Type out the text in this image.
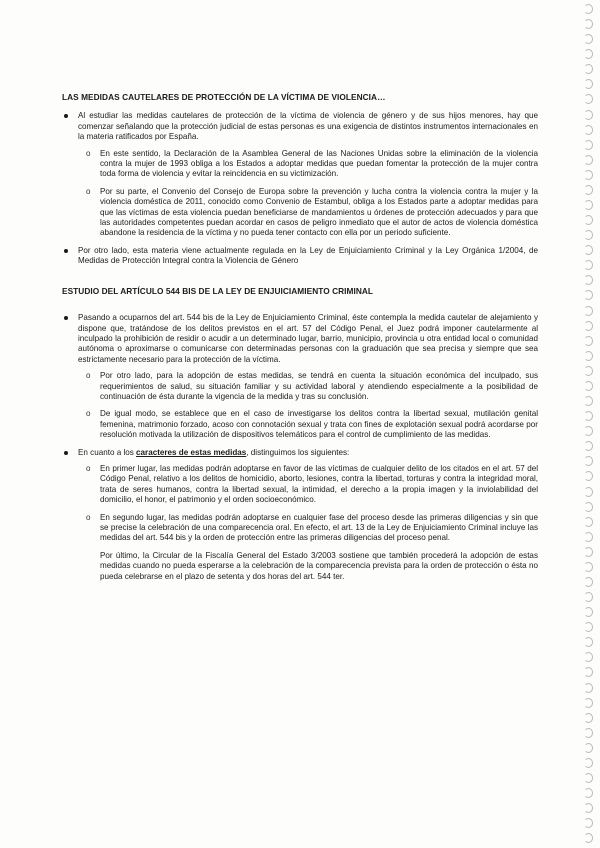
LAS MEDIDAS CAUTELARES DE PROTECCIÓN DE LA VÍCTIMA DE VIOLENCIA…
Al estudiar las medidas cautelares de protección de la víctima de violencia de género y de sus hijos menores, hay que comenzar señalando que la protección judicial de estas personas es una exigencia de distintos instrumentos internacionales en la materia ratificados por España.
o En este sentido, la Declaración de la Asamblea General de las Naciones Unidas sobre la eliminación de la violencia contra la mujer de 1993 obliga a los Estados a adoptar medidas que puedan fomentar la protección de la mujer contra toda forma de violencia y evitar la reincidencia en su victimización.
o Por su parte, el Convenio del Consejo de Europa sobre la prevención y lucha contra la violencia contra la mujer y la violencia doméstica de 2011, conocido como Convenio de Estambul, obliga a los Estados parte a adoptar medidas para que las víctimas de esta violencia puedan beneficiarse de mandamientos u órdenes de protección adecuados y para que las autoridades competentes puedan acordar en casos de peligro inmediato que el autor de actos de violencia doméstica abandone la residencia de la víctima y no pueda tener contacto con ella por un periodo suficiente.
Por otro lado, esta materia viene actualmente regulada en la Ley de Enjuiciamiento Criminal y la Ley Orgánica 1/2004, de Medidas de Protección Integral contra la Violencia de Género
ESTUDIO DEL ARTÍCULO 544 BIS DE LA LEY DE ENJUICIAMIENTO CRIMINAL
Pasando a ocuparnos del art. 544 bis de la Ley de Enjuiciamiento Criminal, éste contempla la medida cautelar de alejamiento y dispone que, tratándose de los delitos previstos en el art. 57 del Código Penal, el Juez podrá imponer cautelarmente al inculpado la prohibición de residir o acudir a un determinado lugar, barrio, municipio, provincia u otra entidad local o comunidad autónoma o aproximarse o comunicarse con determinadas personas con la graduación que sea precisa y siempre que sea estrictamente necesario para la protección de la víctima.
o Por otro lado, para la adopción de estas medidas, se tendrá en cuenta la situación económica del inculpado, sus requerimientos de salud, su situación familiar y su actividad laboral y atendiendo especialmente a la posibilidad de continuación de ésta durante la vigencia de la medida y tras su conclusión.
o De igual modo, se establece que en el caso de investigarse los delitos contra la libertad sexual, mutilación genital femenina, matrimonio forzado, acoso con connotación sexual y trata con fines de explotación sexual podrá acordarse por resolución motivada la utilización de dispositivos telemáticos para el control de cumplimiento de las medidas.
En cuanto a los caracteres de estas medidas, distinguimos los siguientes:
o En primer lugar, las medidas podrán adoptarse en favor de las víctimas de cualquier delito de los citados en el art. 57 del Código Penal, relativo a los delitos de homicidio, aborto, lesiones, contra la libertad, torturas y contra la integridad moral, trata de seres humanos, contra la libertad sexual, la intimidad, el derecho a la propia imagen y la inviolabilidad del domicilio, el honor, el patrimonio y el orden socioeconómico.
o En segundo lugar, las medidas podrán adoptarse en cualquier fase del proceso desde las primeras diligencias y sin que se precise la celebración de una comparecencia oral. En efecto, el art. 13 de la Ley de Enjuiciamiento Criminal incluye las medidas del art. 544 bis y la orden de protección entre las primeras diligencias del proceso penal.
Por último, la Circular de la Fiscalía General del Estado 3/2003 sostiene que también procederá la adopción de estas medidas cuando no pueda esperarse a la celebración de la comparecencia prevista para la orden de protección o ésta no pueda celebrarse en el plazo de setenta y dos horas del art. 544 ter.
